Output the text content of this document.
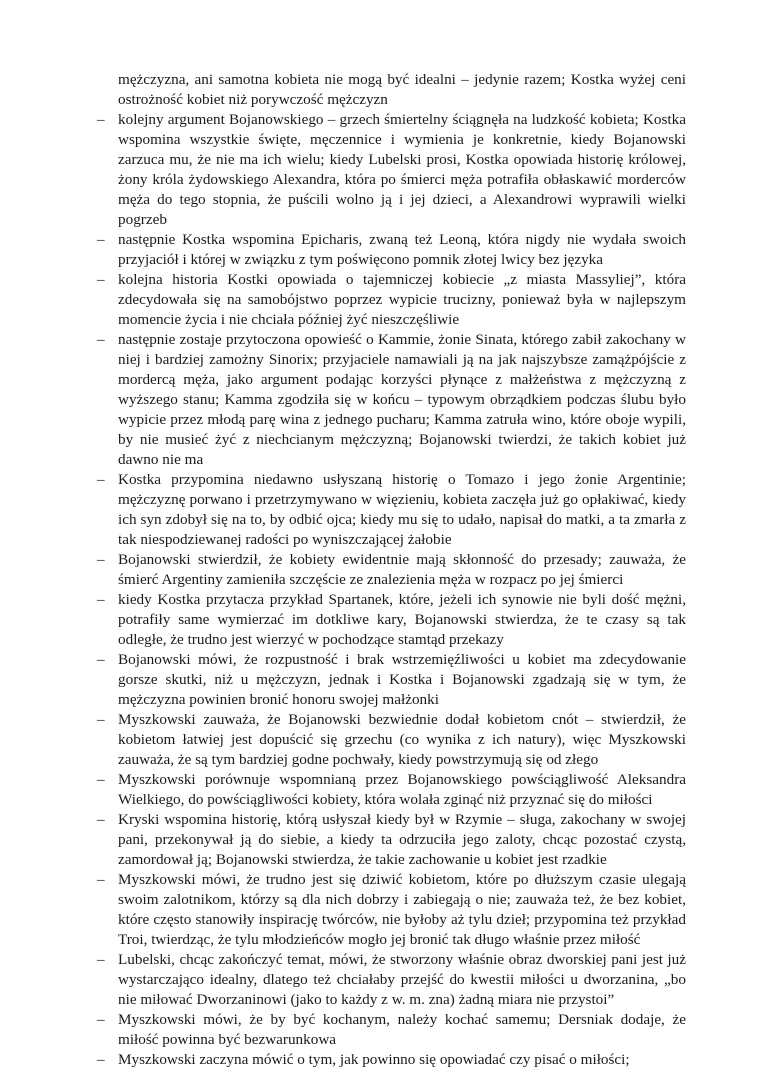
mężczyzna, ani samotna kobieta nie mogą być idealni – jedynie razem; Kostka wyżej ceni ostrożność kobiet niż porywczość mężczyzn

– kolejny argument Bojanowskiego – grzech śmiertelny ściągnęła na ludzkość kobieta; Kostka wspomina wszystkie święte, męczennice i wymienia je konkretnie, kiedy Bojanowski zarzuca mu, że nie ma ich wielu; kiedy Lubelski prosi, Kostka opowiada historię królowej, żony króla żydowskiego Alexandra, która po śmierci męża potrafiła obłaskawić morderców męża do tego stopnia, że puścili wolno ją i jej dzieci, a Alexandrowi wyprawili wielki pogrzeb
– następnie Kostka wspomina Epicharis, zwaną też Leoną, która nigdy nie wydała swoich przyjaciół i której w związku z tym poświęcono pomnik złotej lwicy bez języka
– kolejna historia Kostki opowiada o tajemniczej kobiecie „z miasta Massyliej”, która zdecydowała się na samobójstwo poprzez wypicie trucizny, ponieważ była w najlepszym momencie życia i nie chciała później żyć nieszczęśliwie
– następnie zostaje przytoczona opowieść o Kammie, żonie Sinata, którego zabił zakochany w niej i bardziej zamożny Sinorix; przyjaciele namawiali ją na jak najszybsze zamążpójście z mordercą męża, jako argument podając korzyści płynące z małżeństwa z mężczyzną z wyższego stanu; Kamma zgodziła się w końcu – typowym obrządkiem podczas ślubu było wypicie przez młodą parę wina z jednego pucharu; Kamma zatruła wino, które oboje wypili, by nie musieć żyć z niechcianym mężczyzną; Bojanowski twierdzi, że takich kobiet już dawno nie ma
– Kostka przypomina niedawno usłyszaną historię o Tomazo i jego żonie Argentinie; mężczyznę porwano i przetrzymywano w więzieniu, kobieta zaczęła już go opłakiwać, kiedy ich syn zdobył się na to, by odbić ojca; kiedy mu się to udało, napisał do matki, a ta zmarła z tak niespodziewanej radości po wyniszczającej żałobie
– Bojanowski stwierdził, że kobiety ewidentnie mają skłonność do przesady; zauważa, że śmierć Argentiny zamieniła szczęście ze znalezienia męża w rozpacz po jej śmierci
– kiedy Kostka przytacza przykład Spartanek, które, jeżeli ich synowie nie byli dość mężni, potrafiły same wymierzać im dotkliwe kary, Bojanowski stwierdza, że te czasy są tak odległe, że trudno jest wierzyć w pochodzące stamtąd przekazy
– Bojanowski mówi, że rozpustność i brak wstrzemięźliwości u kobiet ma zdecydowanie gorsze skutki, niż u mężczyzn, jednak i Kostka i Bojanowski zgadzają się w tym, że mężczyzna powinien bronić honoru swojej małżonki
– Myszkowski zauważa, że Bojanowski bezwiednie dodał kobietom cnót – stwierdził, że kobietom łatwiej jest dopuścić się grzechu (co wynika z ich natury), więc Myszkowski zauważa, że są tym bardziej godne pochwały, kiedy powstrzymują się od złego
– Myszkowski porównuje wspomnianą przez Bojanowskiego powściągliwość Aleksandra Wielkiego, do powściągliwości kobiety, która wolała zginąć niż przyznać się do miłości
– Kryski wspomina historię, którą usłyszał kiedy był w Rzymie – sługa, zakochany w swojej pani, przekonywał ją do siebie, a kiedy ta odrzuciła jego zaloty, chcąc pozostać czystą, zamordował ją; Bojanowski stwierdza, że takie zachowanie u kobiet jest rzadkie
– Myszkowski mówi, że trudno jest się dziwić kobietom, które po dłuższym czasie ulegają swoim zalotnikom, którzy są dla nich dobrzy i zabiegają o nie; zauważa też, że bez kobiet, które często stanowiły inspirację twórców, nie byłoby aż tylu dzieł; przypomina też przykład Troi, twierdząc, że tylu młodzieńców mogło jej bronić tak długo właśnie przez miłość
– Lubelski, chcąc zakończyć temat, mówi, że stworzony właśnie obraz dworskiej pani jest już wystarczająco idealny, dlatego też chciałaby przejść do kwestii miłości u dworzanina, „bo nie miłować Dworzaninowi (jako to każdy z w. m. zna) żadną miara nie przystoi”
– Myszkowski mówi, że by być kochanym, należy kochać samemu; Dersniak dodaje, że miłość powinna być bezwarunkowa
– Myszkowski zaczyna mówić o tym, jak powinno się opowiadać czy pisać o miłości;
